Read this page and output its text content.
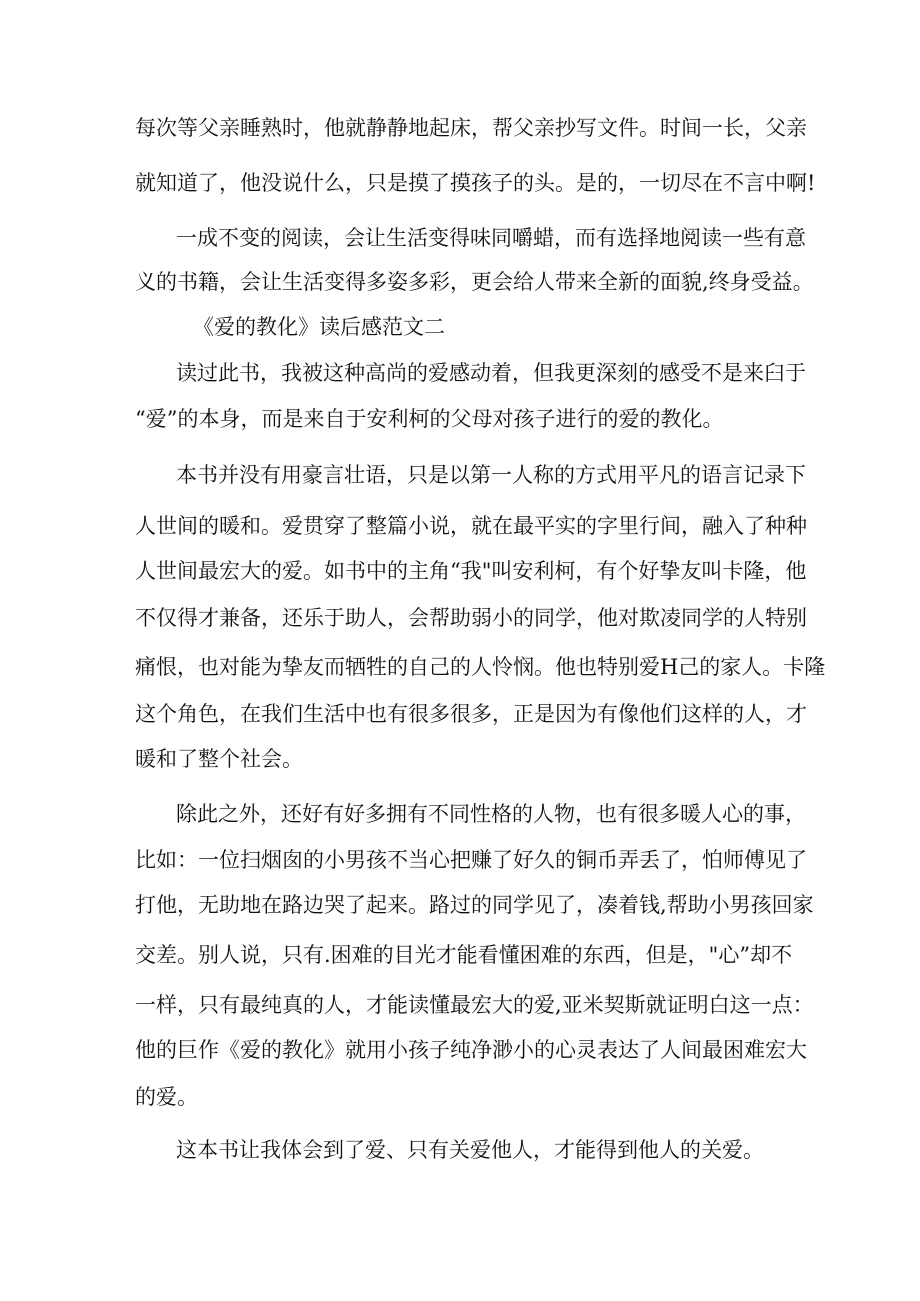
每次等父亲睡熟时，他就静静地起床，帮父亲抄写文件。时间一长，父亲
就知道了，他没说什么，只是摸了摸孩子的头。是的，一切尽在不言中啊!
一成不变的阅读，会让生活变得味同嚼蜡，而有选择地阅读一些有意
义的书籍，会让生活变得多姿多彩，更会给人带来全新的面貌,终身受益。
《爱的教化》读后感范文二
读过此书，我被这种高尚的爱感动着，但我更深刻的感受不是来臼于
“爱”的本身，而是来自于安利柯的父母对孩子进行的爱的教化。
本书并没有用豪言壮语，只是以第一人称的方式用平凡的语言记录下
人世间的暖和。爱贯穿了整篇小说，就在最平实的字里行间，融入了种种
人世间最宏大的爱。如书中的主角“我"叫安利柯，有个好挚友叫卡隆，他
不仅得才兼备，还乐于助人，会帮助弱小的同学，他对欺凌同学的人特别
痛恨，也对能为挚友而牺牲的自己的人怜悯。他也特别爱H己的家人。卡隆
这个角色，在我们生活中也有很多很多，正是因为有像他们这样的人，才
暖和了整个社会。
除此之外，还好有好多拥有不同性格的人物，也有很多暖人心的事，
比如：一位扫烟囱的小男孩不当心把赚了好久的铜币弄丢了，怕师傅见了
打他，无助地在路边哭了起来。路过的同学见了，凑着钱,帮助小男孩回家
交差。别人说，只有.困难的目光才能看懂困难的东西，但是，"心”却不
一样，只有最纯真的人，才能读懂最宏大的爱,亚米契斯就证明白这一点：
他的巨作《爱的教化》就用小孩子纯净渺小的心灵表达了人间最困难宏大
的爱。
这本书让我体会到了爱、只有关爱他人，才能得到他人的关爱。
